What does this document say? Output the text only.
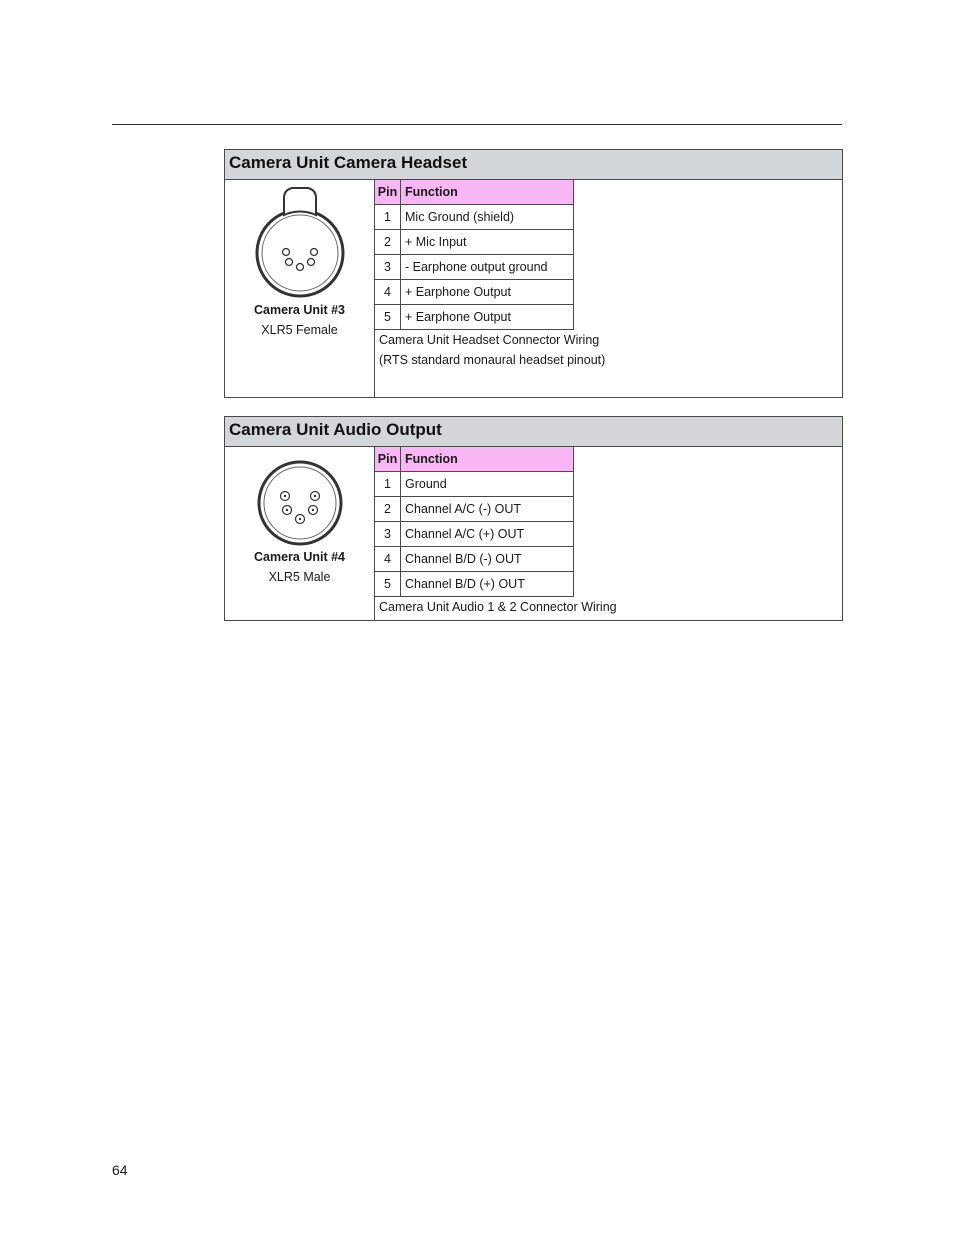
Camera Unit Camera Headset

Camera Unit #3

XLR5 Female

Pin	Function
1	Mic Ground (shield)
2	+ Mic Input
3	- Earphone output ground
4	+ Earphone Output
5	+ Earphone Output
Camera Unit Headset Connector Wiring
(RTS standard monaural headset pinout)
Camera Unit Audio Output

Camera Unit #4

XLR5 Male

Pin	Function
1	Ground
2	Channel A/C (-) OUT
3	Channel A/C (+) OUT
4	Channel B/D (-) OUT
5	Channel B/D (+) OUT
Camera Unit Audio 1 & 2 Connector Wiring
64
